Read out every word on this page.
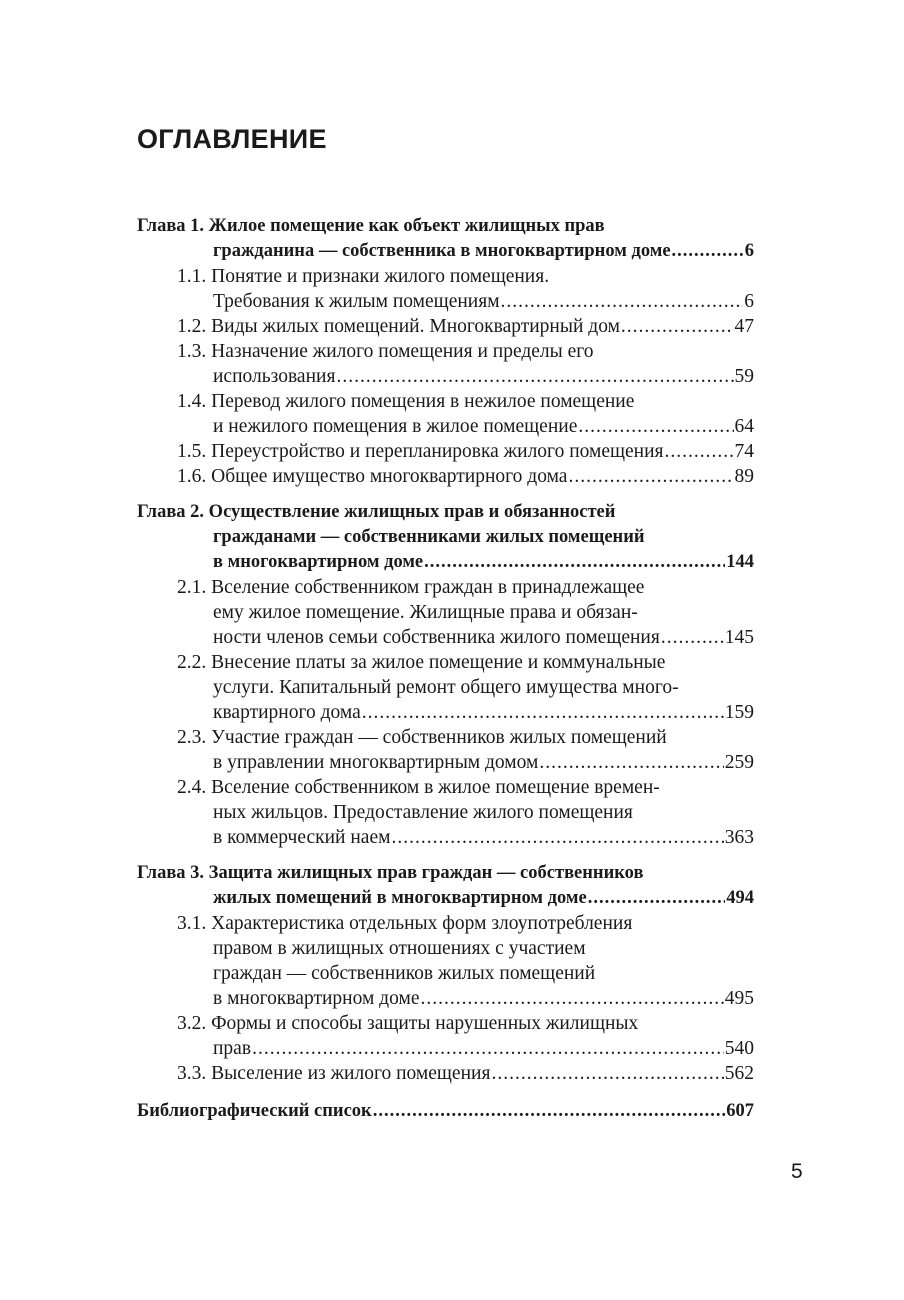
ОГЛАВЛЕНИЕ
Глава 1. Жилое помещение как объект жилищных прав
гражданина — собственника в многоквартирном доме .....	6
1.1. Понятие и признаки жилого помещения.
Требования к жилым помещениям .....	6
1.2. Виды жилых помещений. Многоквартирный дом .....	47
1.3. Назначение жилого помещения и пределы его
использования .....	59
1.4. Перевод жилого помещения в нежилое помещение
и нежилого помещения в жилое помещение .....	64
1.5. Переустройство и перепланировка жилого помещения .....	74
1.6. Общее имущество многоквартирного дома .....	89
Глава 2. Осуществление жилищных прав и обязанностей
гражданами — собственниками жилых помещений
в многоквартирном доме .....	144
2.1. Вселение собственником граждан в принадлежащее
ему жилое помещение. Жилищные права и обязан-
ности членов семьи собственника жилого помещения .....	145
2.2. Внесение платы за жилое помещение и коммунальные
услуги. Капитальный ремонт общего имущества много-
квартирного дома .....	159
2.3. Участие граждан — собственников жилых помещений
в управлении многоквартирным домом .....	259
2.4. Вселение собственником в жилое помещение времен-
ных жильцов. Предоставление жилого помещения
в коммерческий наем .....	363
Глава 3. Защита жилищных прав граждан — собственников
жилых помещений в многоквартирном доме .....	494
3.1. Характеристика отдельных форм злоупотребления
правом в жилищных отношениях с участием
граждан — собственников жилых помещений
в многоквартирном доме .....	495
3.2. Формы и способы защиты нарушенных жилищных
прав .....	540
3.3. Выселение из жилого помещения .....	562
Библиографический список .....	607
5
